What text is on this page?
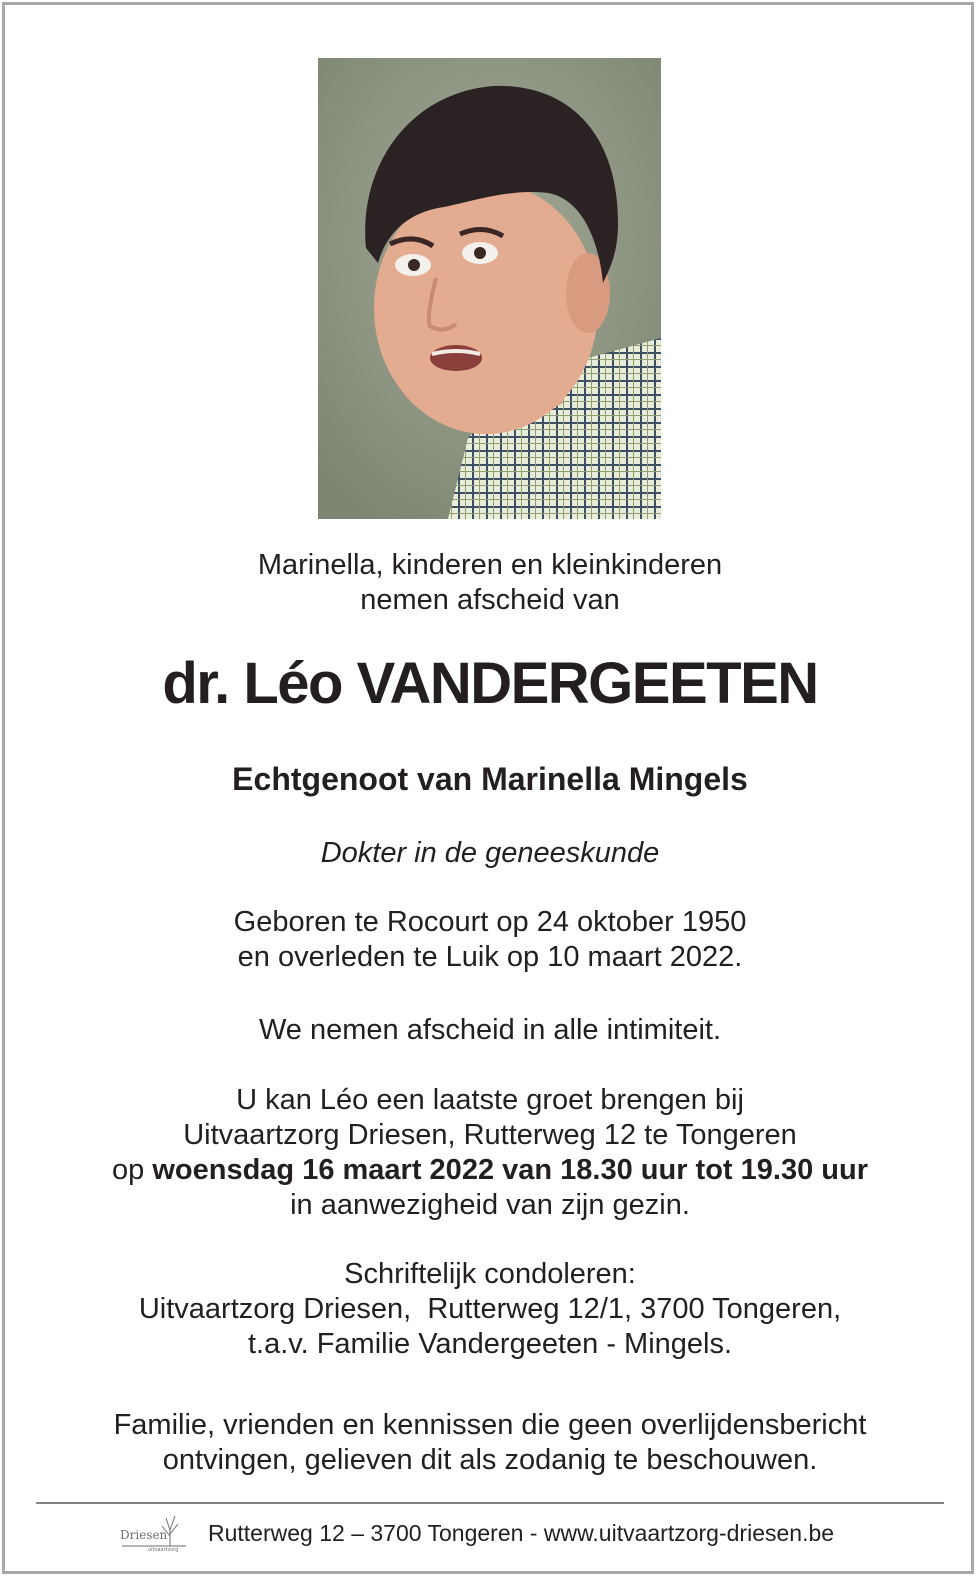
Marinella, kinderen en kleinkinderen
nemen afscheid van
dr. Léo VANDERGEETEN
Echtgenoot van Marinella Mingels
Dokter in de geneeskunde
Geboren te Rocourt op 24 oktober 1950
en overleden te Luik op 10 maart 2022.
We nemen afscheid in alle intimiteit.
U kan Léo een laatste groet brengen bij
Uitvaartzorg Driesen, Rutterweg 12 te Tongeren
op woensdag 16 maart 2022 van 18.30 uur tot 19.30 uur
in aanwezigheid van zijn gezin.
Schriftelijk condoleren:
Uitvaartzorg Driesen,  Rutterweg 12/1, 3700 Tongeren,
t.a.v. Familie Vandergeeten - Mingels.
Familie, vrienden en kennissen die geen overlijdensbericht
ontvingen, gelieven dit als zodanig te beschouwen.
Driesen
uitvaartzorg
Rutterweg 12 – 3700 Tongeren - www.uitvaartzorg-driesen.be
